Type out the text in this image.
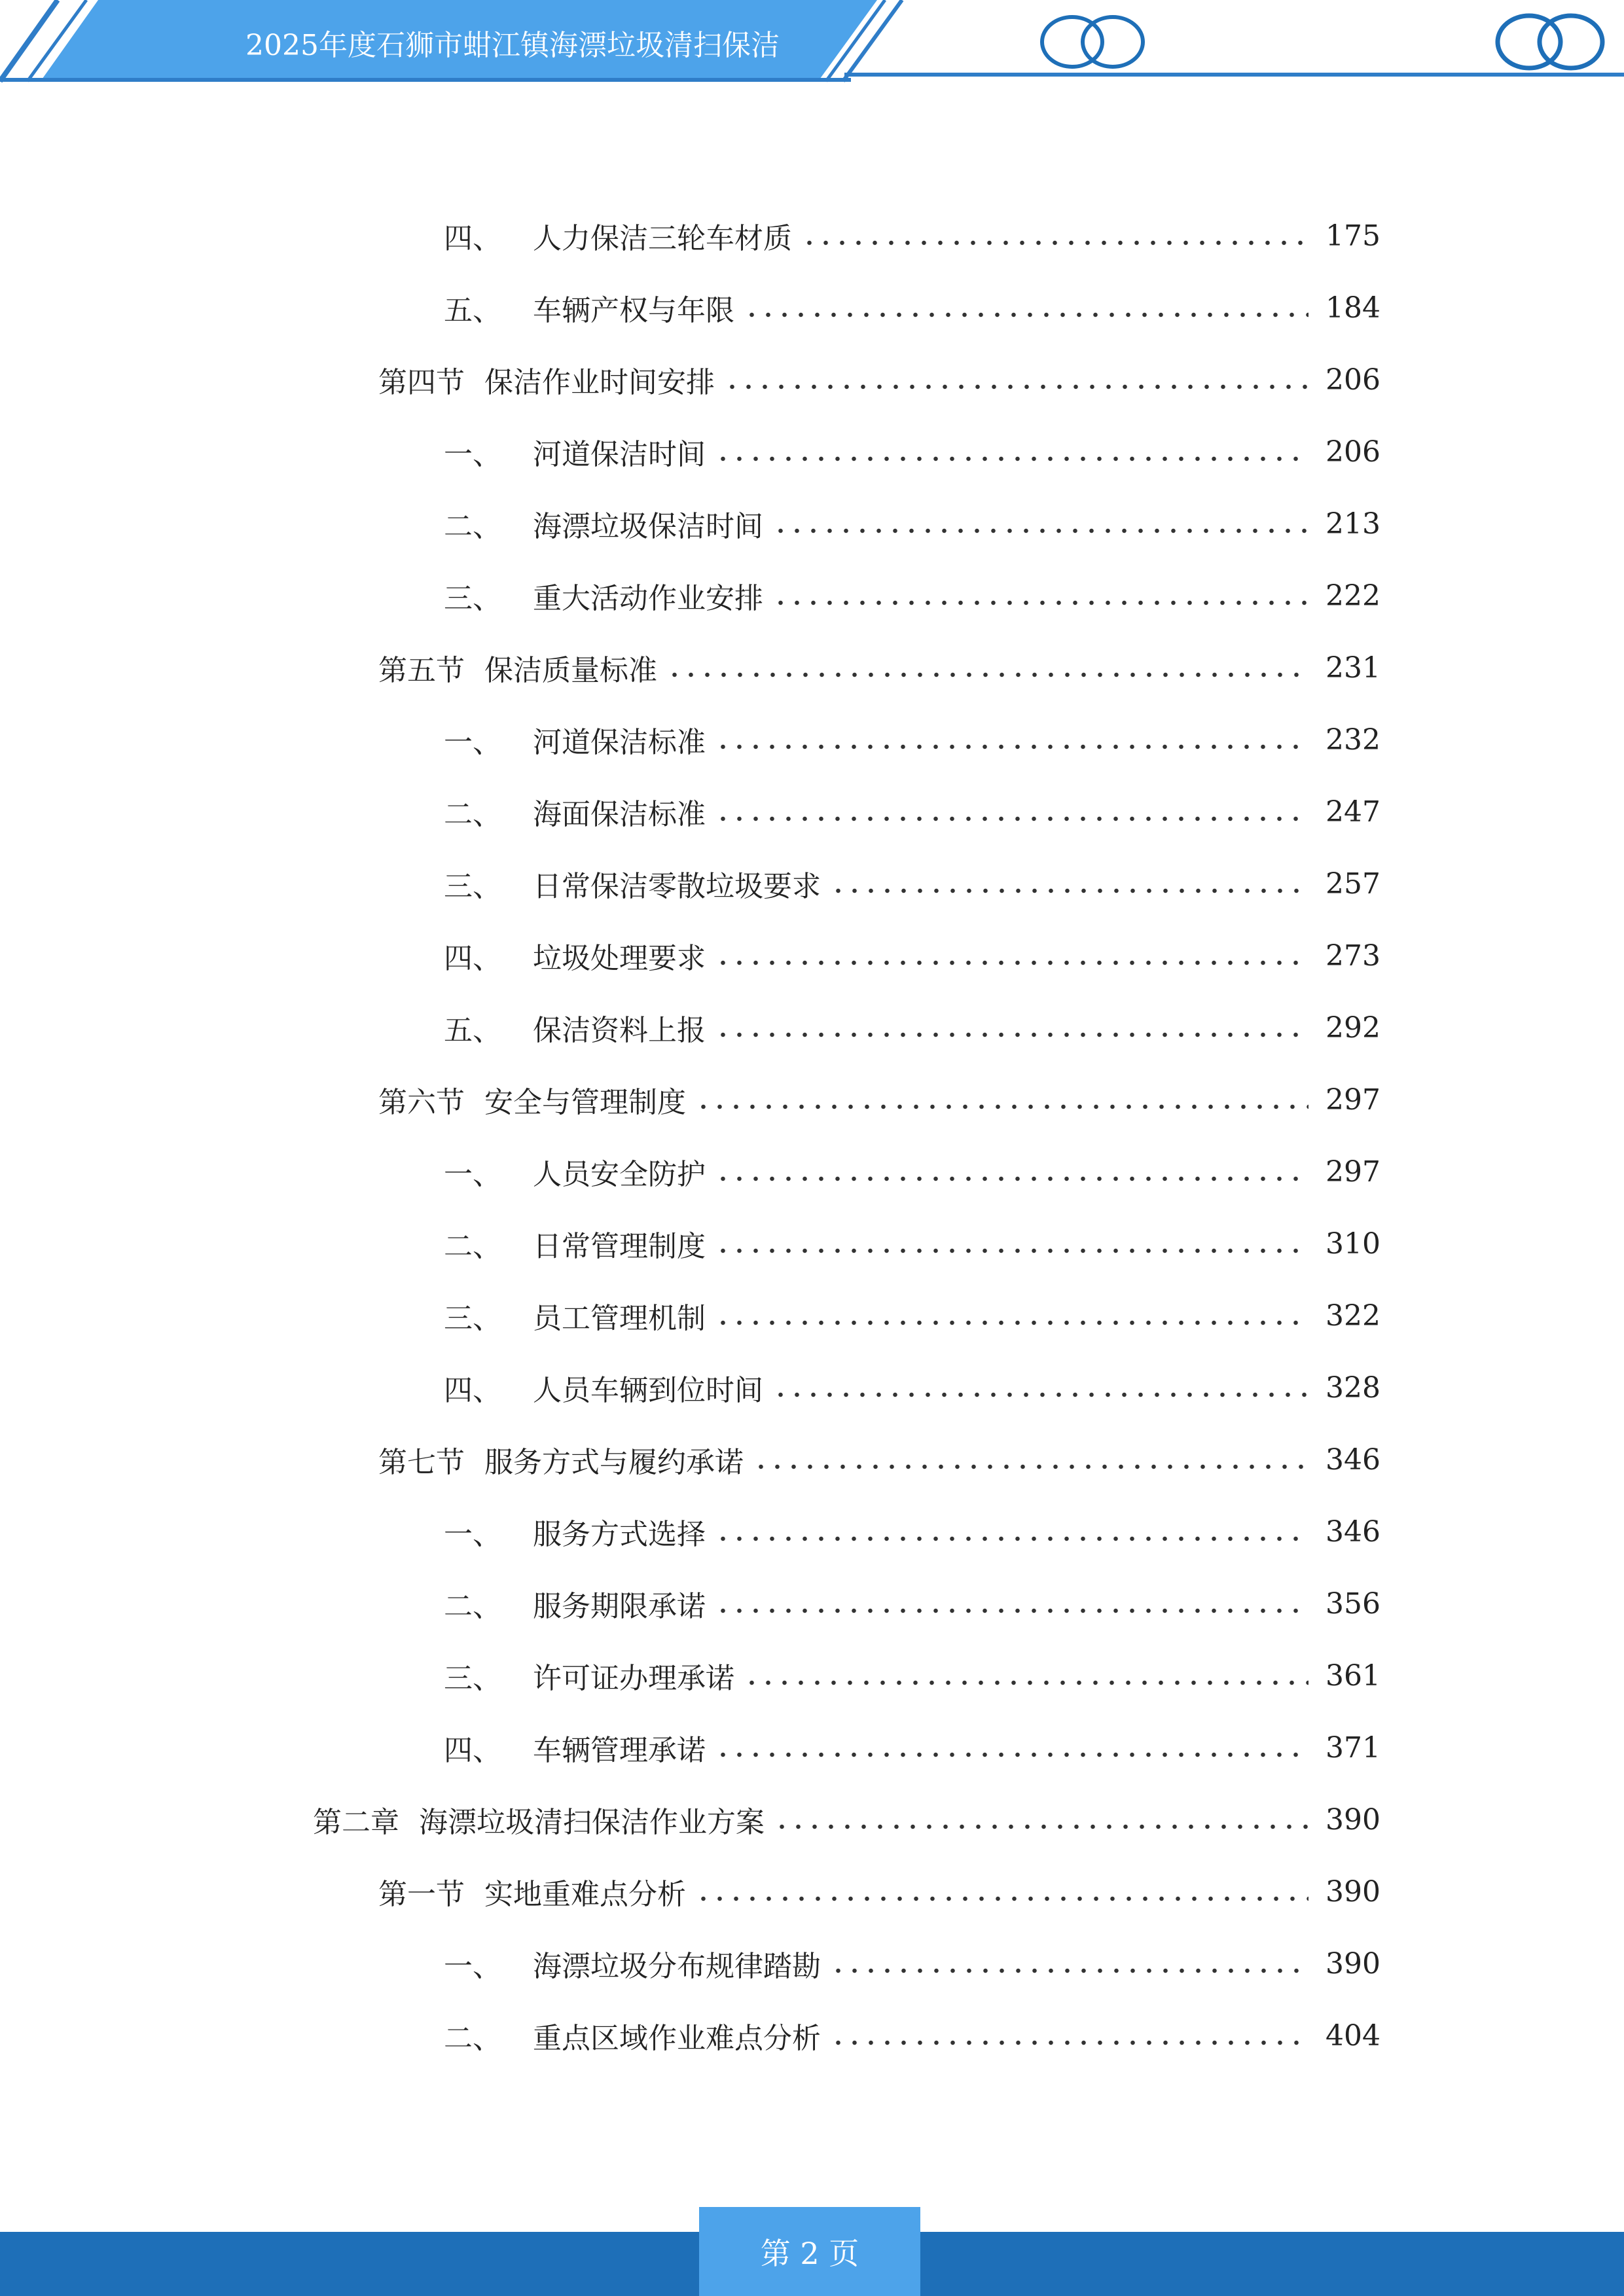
2025年度石狮市蚶江镇海漂垃圾清扫保洁
四、 人力保洁三轮车材质	175
五、 车辆产权与年限	184
第四节 保洁作业时间安排	206
一、 河道保洁时间	206
二、 海漂垃圾保洁时间	213
三、 重大活动作业安排	222
第五节 保洁质量标准	231
一、 河道保洁标准	232
二、 海面保洁标准	247
三、 日常保洁零散垃圾要求	257
四、 垃圾处理要求	273
五、 保洁资料上报	292
第六节 安全与管理制度	297
一、 人员安全防护	297
二、 日常管理制度	310
三、 员工管理机制	322
四、 人员车辆到位时间	328
第七节 服务方式与履约承诺	346
一、 服务方式选择	346
二、 服务期限承诺	356
三、 许可证办理承诺	361
四、 车辆管理承诺	371
第二章 海漂垃圾清扫保洁作业方案	390
第一节 实地重难点分析	390
一、 海漂垃圾分布规律踏勘	390
二、 重点区域作业难点分析	404
第 2 页
